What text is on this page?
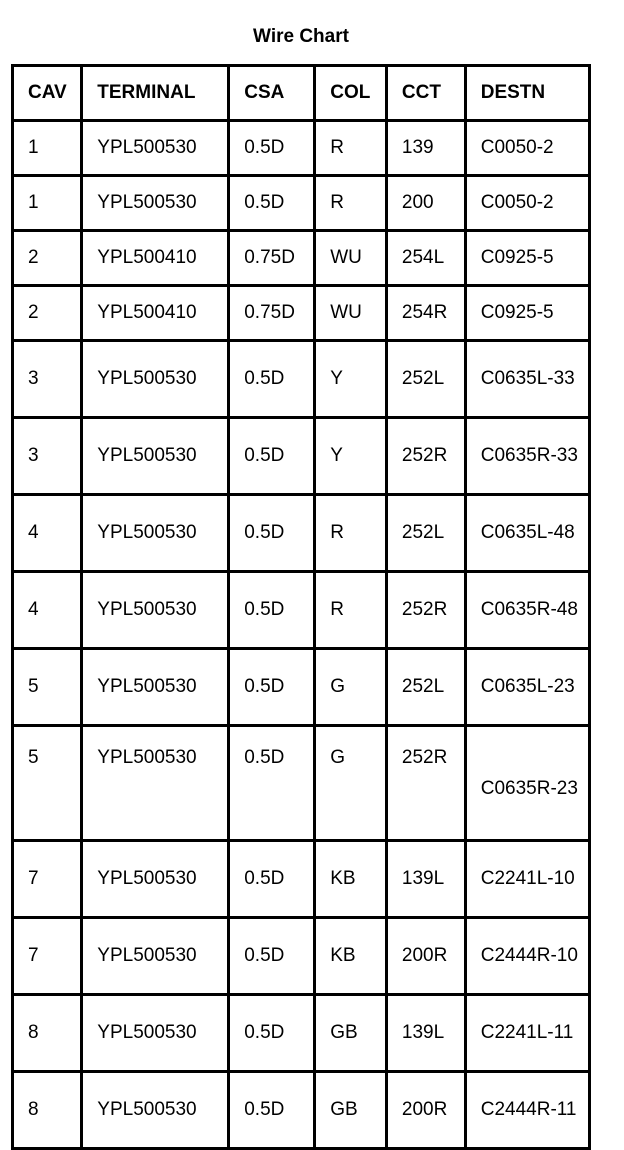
Wire Chart
CAV	TERMINAL	CSA	COL	CCT	DESTN
1	YPL500530	0.5D	R	139	C0050-2
1	YPL500530	0.5D	R	200	C0050-2
2	YPL500410	0.75D	WU	254L	C0925-5
2	YPL500410	0.75D	WU	254R	C0925-5
3	YPL500530	0.5D	Y	252L	C0635L-33
3	YPL500530	0.5D	Y	252R	C0635R-33
4	YPL500530	0.5D	R	252L	C0635L-48
4	YPL500530	0.5D	R	252R	C0635R-48
5	YPL500530	0.5D	G	252L	C0635L-23
5	YPL500530	0.5D	G	252R	C0635R-23
7	YPL500530	0.5D	KB	139L	C2241L-10
7	YPL500530	0.5D	KB	200R	C2444R-10
8	YPL500530	0.5D	GB	139L	C2241L-11
8	YPL500530	0.5D	GB	200R	C2444R-11
